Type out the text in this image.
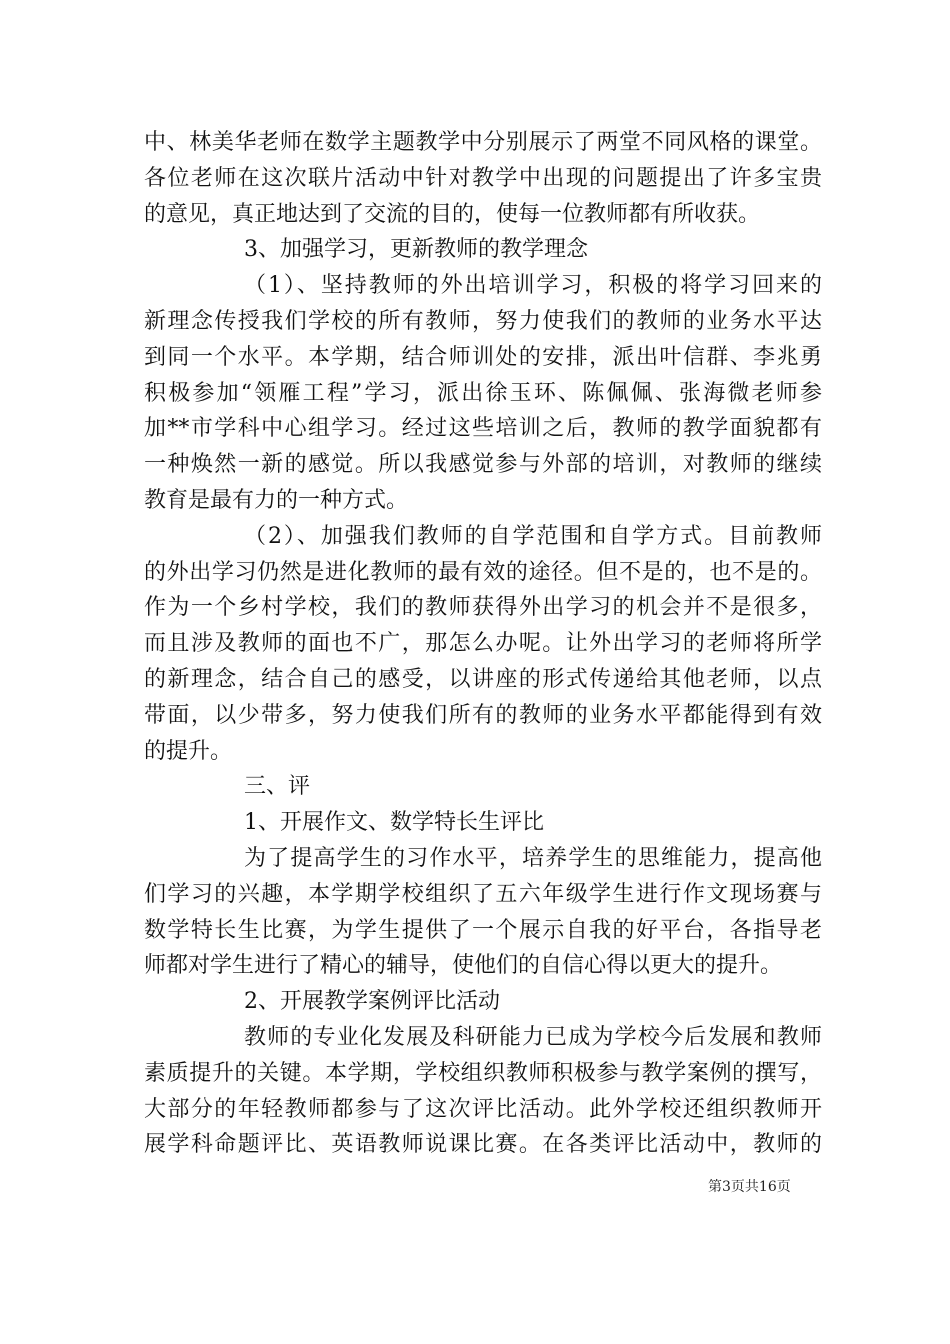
中、林美华老师在数学主题教学中分别展示了两堂不同风格的课堂。
各位老师在这次联片活动中针对教学中出现的问题提出了许多宝贵
的意见，真正地达到了交流的目的，使每一位教师都有所收获。
3、加强学习，更新教师的教学理念
（1）、坚持教师的外出培训学习，积极的将学习回来的
新理念传授我们学校的所有教师，努力使我们的教师的业务水平达
到同一个水平。本学期，结合师训处的安排，派出叶信群、李兆勇
积极参加“领雁工程”学习，派出徐玉环、陈佩佩、张海微老师参
加**市学科中心组学习。经过这些培训之后，教师的教学面貌都有
一种焕然一新的感觉。所以我感觉参与外部的培训，对教师的继续
教育是最有力的一种方式。
（2）、加强我们教师的自学范围和自学方式。目前教师
的外出学习仍然是进化教师的最有效的途径。但不是的，也不是的。
作为一个乡村学校，我们的教师获得外出学习的机会并不是很多，
而且涉及教师的面也不广，那怎么办呢。让外出学习的老师将所学
的新理念，结合自己的感受，以讲座的形式传递给其他老师，以点
带面，以少带多，努力使我们所有的教师的业务水平都能得到有效
的提升。
三、评
1、开展作文、数学特长生评比
为了提高学生的习作水平，培养学生的思维能力，提高他
们学习的兴趣，本学期学校组织了五六年级学生进行作文现场赛与
数学特长生比赛，为学生提供了一个展示自我的好平台，各指导老
师都对学生进行了精心的辅导，使他们的自信心得以更大的提升。
2、开展教学案例评比活动
教师的专业化发展及科研能力已成为学校今后发展和教师
素质提升的关键。本学期，学校组织教师积极参与教学案例的撰写，
大部分的年轻教师都参与了这次评比活动。此外学校还组织教师开
展学科命题评比、英语教师说课比赛。在各类评比活动中，教师的
第3页共16页
